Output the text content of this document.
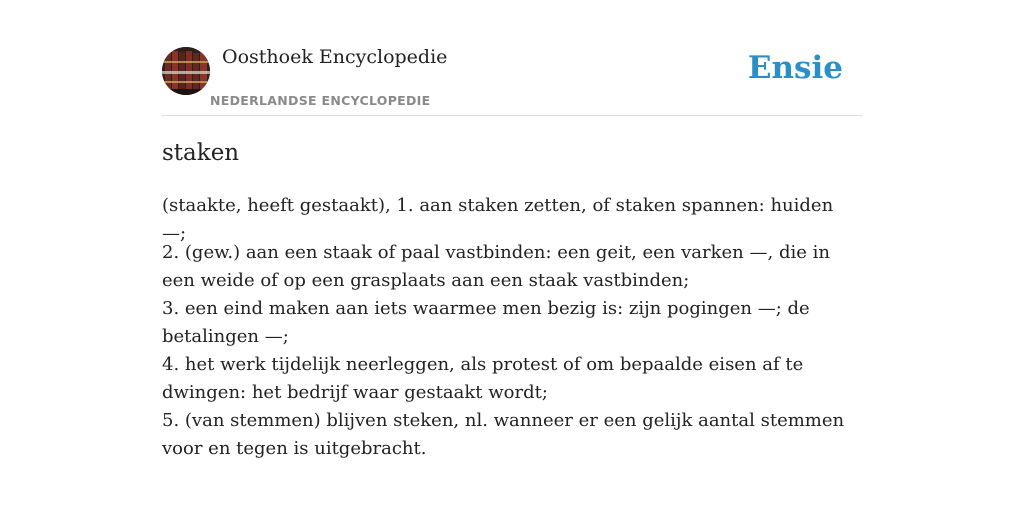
Oosthoek Encyclopedie
NEDERLANDSE ENCYCLOPEDIE
Ensie
staken

(staakte, heeft gestaakt), 1. aan staken zetten, of staken spannen: huiden —;

2. (gew.) aan een staak of paal vastbinden: een geit, een varken —, die in een weide of op een grasplaats aan een staak vastbinden;
3. een eind maken aan iets waarmee men bezig is: zijn pogingen —; de betalingen —;
4. het werk tijdelijk neerleggen, als protest of om bepaalde eisen af te dwingen: het bedrijf waar gestaakt wordt;
5. (van stemmen) blijven steken, nl. wanneer er een gelijk aantal stemmen voor en tegen is uitgebracht.
